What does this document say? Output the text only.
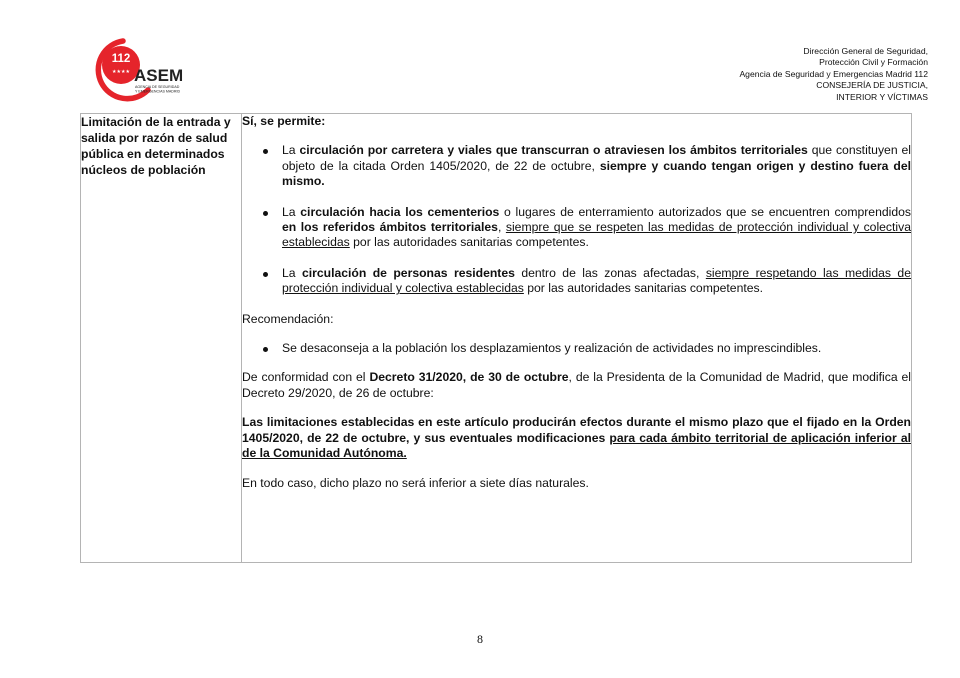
112
★★★★ ASEM
AGENCIA DE SEGURIDAD
Y EMERGENCIAS MADRID
Dirección General de Seguridad,
Protección Civil y Formación
Agencia de Seguridad y Emergencias Madrid 112
CONSEJERÍA DE JUSTICIA,
INTERIOR Y VÍCTIMAS
Limitación de la entrada y salida por razón de salud pública en determinados núcleos de población

Sí, se permite:

La circulación por carretera y viales que transcurran o atraviesen los ámbitos territoriales que constituyen el objeto de la citada Orden 1405/2020, de 22 de octubre, siempre y cuando tengan origen y destino fuera del mismo.
La circulación hacia los cementerios o lugares de enterramiento autorizados que se encuentren comprendidos en los referidos ámbitos territoriales, siempre que se respeten las medidas de protección individual y colectiva establecidas por las autoridades sanitarias competentes.
La circulación de personas residentes dentro de las zonas afectadas, siempre respetando las medidas de protección individual y colectiva establecidas por las autoridades sanitarias competentes.

Recomendación:

Se desaconseja a la población los desplazamientos y realización de actividades no imprescindibles.

De conformidad con el Decreto 31/2020, de 30 de octubre, de la Presidenta de la Comunidad de Madrid, que modifica el Decreto 29/2020, de 26 de octubre:

Las limitaciones establecidas en este artículo producirán efectos durante el mismo plazo que el fijado en la Orden 1405/2020, de 22 de octubre, y sus eventuales modificaciones para cada ámbito territorial de aplicación inferior al de la Comunidad Autónoma.

En todo caso, dicho plazo no será inferior a siete días naturales.

8
